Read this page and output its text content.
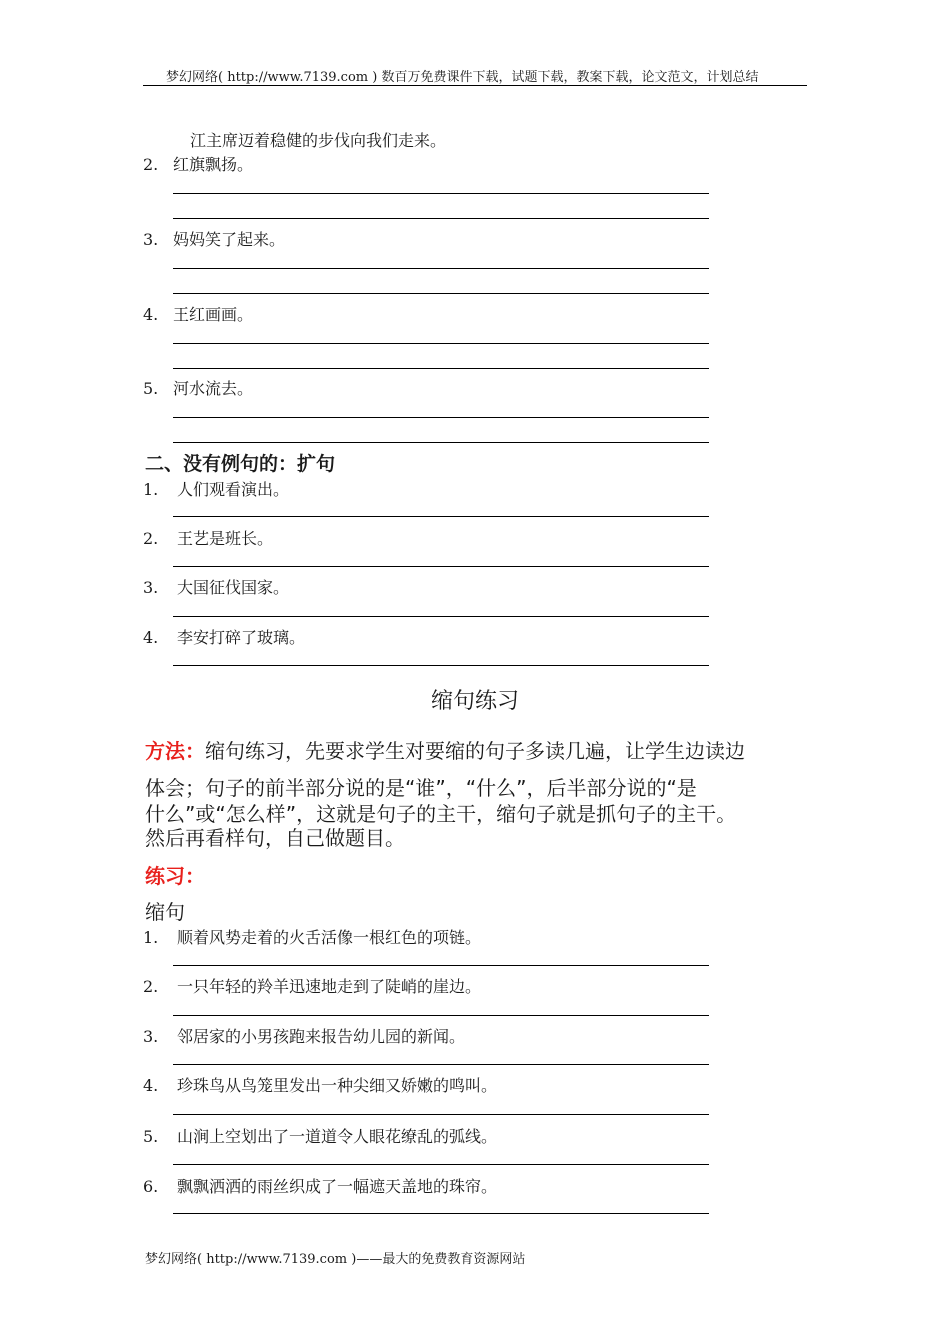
梦幻网络( http://www.7139.com ) 数百万免费课件下载，试题下载，教案下载，论文范文，计划总结
江主席迈着稳健的步伐向我们走来。
2. 红旗飘扬。
3. 妈妈笑了起来。
4. 王红画画。
5. 河水流去。
二、没有例句的：扩句
1. 人们观看演出。
2. 王艺是班长。
3. 大国征伐国家。
4. 李安打碎了玻璃。
缩句练习
方法：缩句练习，先要求学生对要缩的句子多读几遍，让学生边读边
体会；句子的前半部分说的是“谁”，“什么”，后半部分说的“是
什么”或“怎么样”，这就是句子的主干，缩句子就是抓句子的主干。
然后再看样句，自己做题目。
练习：
缩句
1. 顺着风势走着的火舌活像一根红色的项链。
2. 一只年轻的羚羊迅速地走到了陡峭的崖边。
3. 邻居家的小男孩跑来报告幼儿园的新闻。
4. 珍珠鸟从鸟笼里发出一种尖细又娇嫩的鸣叫。
5. 山涧上空划出了一道道令人眼花缭乱的弧线。
6. 飘飘洒洒的雨丝织成了一幅遮天盖地的珠帘。
梦幻网络( http://www.7139.com )——最大的免费教育资源网站
